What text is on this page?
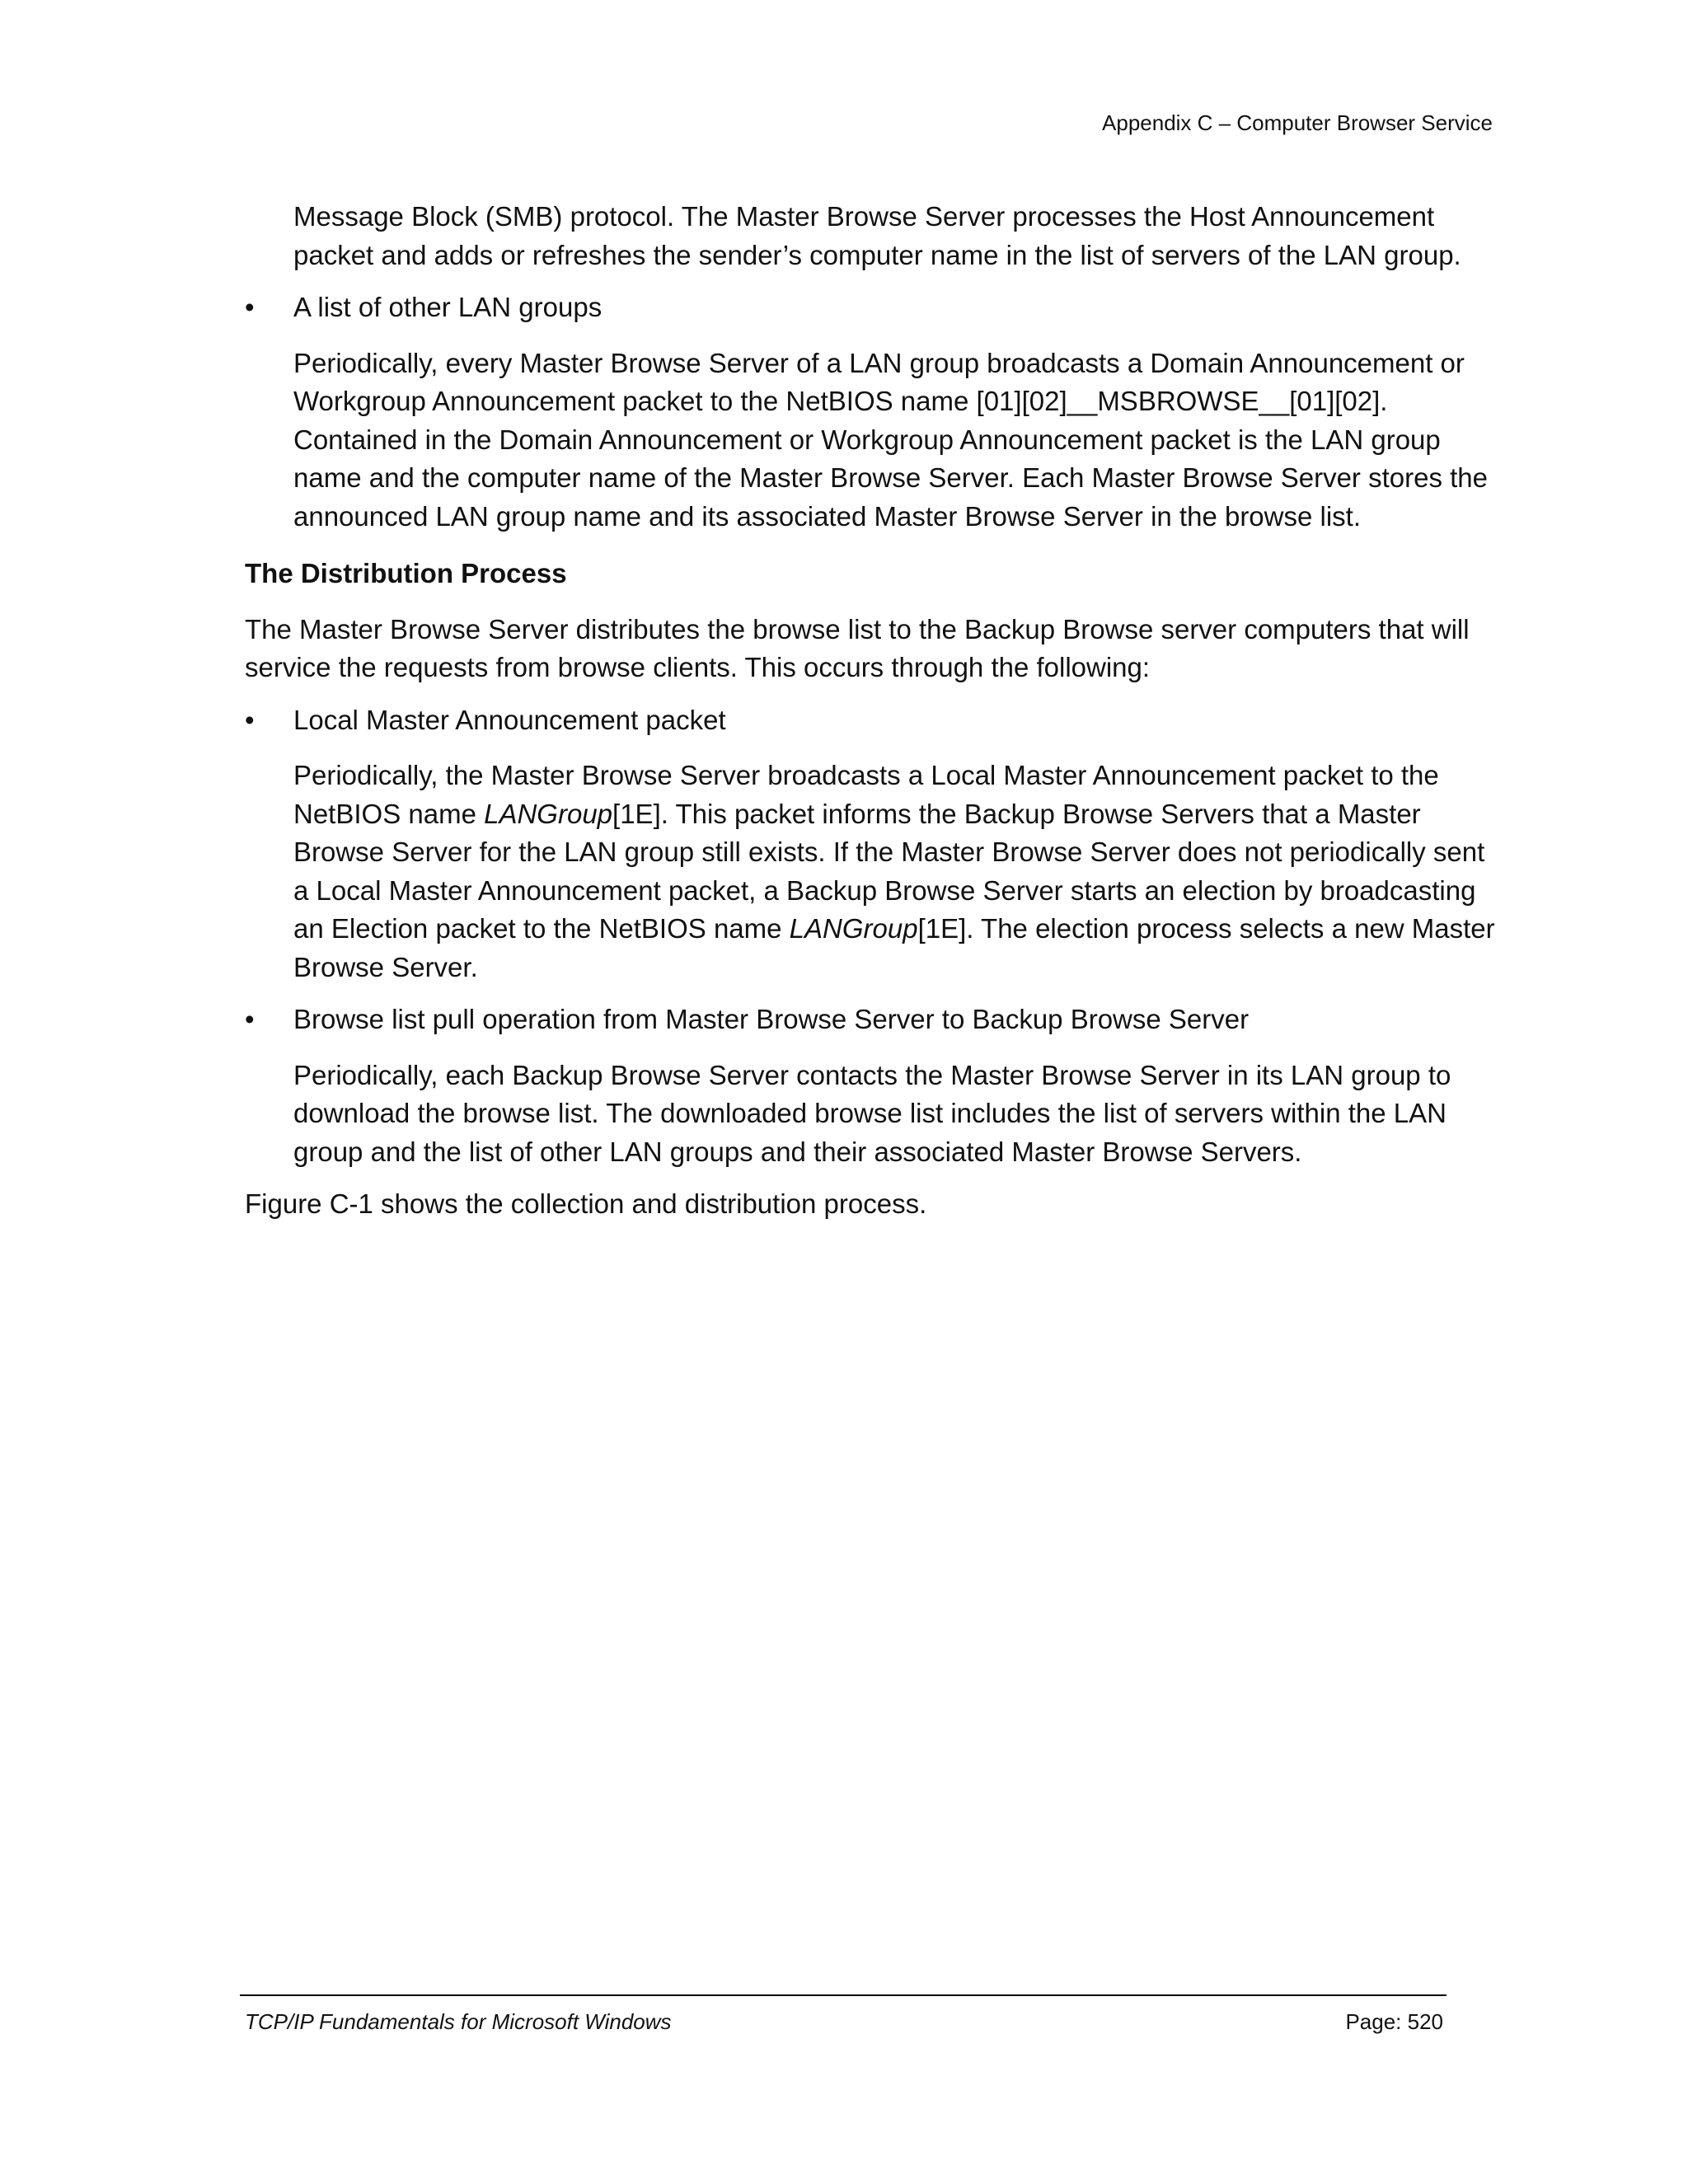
Appendix C – Computer Browser Service

Message Block (SMB) protocol. The Master Browse Server processes the Host Announcement packet and adds or refreshes the sender’s computer name in the list of servers of the LAN group.

•	A list of other LAN groups

Periodically, every Master Browse Server of a LAN group broadcasts a Domain Announcement or Workgroup Announcement packet to the NetBIOS name [01][02]__MSBROWSE__[01][02]. Contained in the Domain Announcement or Workgroup Announcement packet is the LAN group name and the computer name of the Master Browse Server. Each Master Browse Server stores the announced LAN group name and its associated Master Browse Server in the browse list.

The Distribution Process

The Master Browse Server distributes the browse list to the Backup Browse server computers that will service the requests from browse clients. This occurs through the following:

•	Local Master Announcement packet

Periodically, the Master Browse Server broadcasts a Local Master Announcement packet to the NetBIOS name LANGroup[1E]. This packet informs the Backup Browse Servers that a Master Browse Server for the LAN group still exists. If the Master Browse Server does not periodically sent a Local Master Announcement packet, a Backup Browse Server starts an election by broadcasting an Election packet to the NetBIOS name LANGroup[1E]. The election process selects a new Master Browse Server.

•	Browse list pull operation from Master Browse Server to Backup Browse Server

Periodically, each Backup Browse Server contacts the Master Browse Server in its LAN group to download the browse list. The downloaded browse list includes the list of servers within the LAN group and the list of other LAN groups and their associated Master Browse Servers.

Figure C-1 shows the collection and distribution process.

TCP/IP Fundamentals for Microsoft Windows	Page: 520
